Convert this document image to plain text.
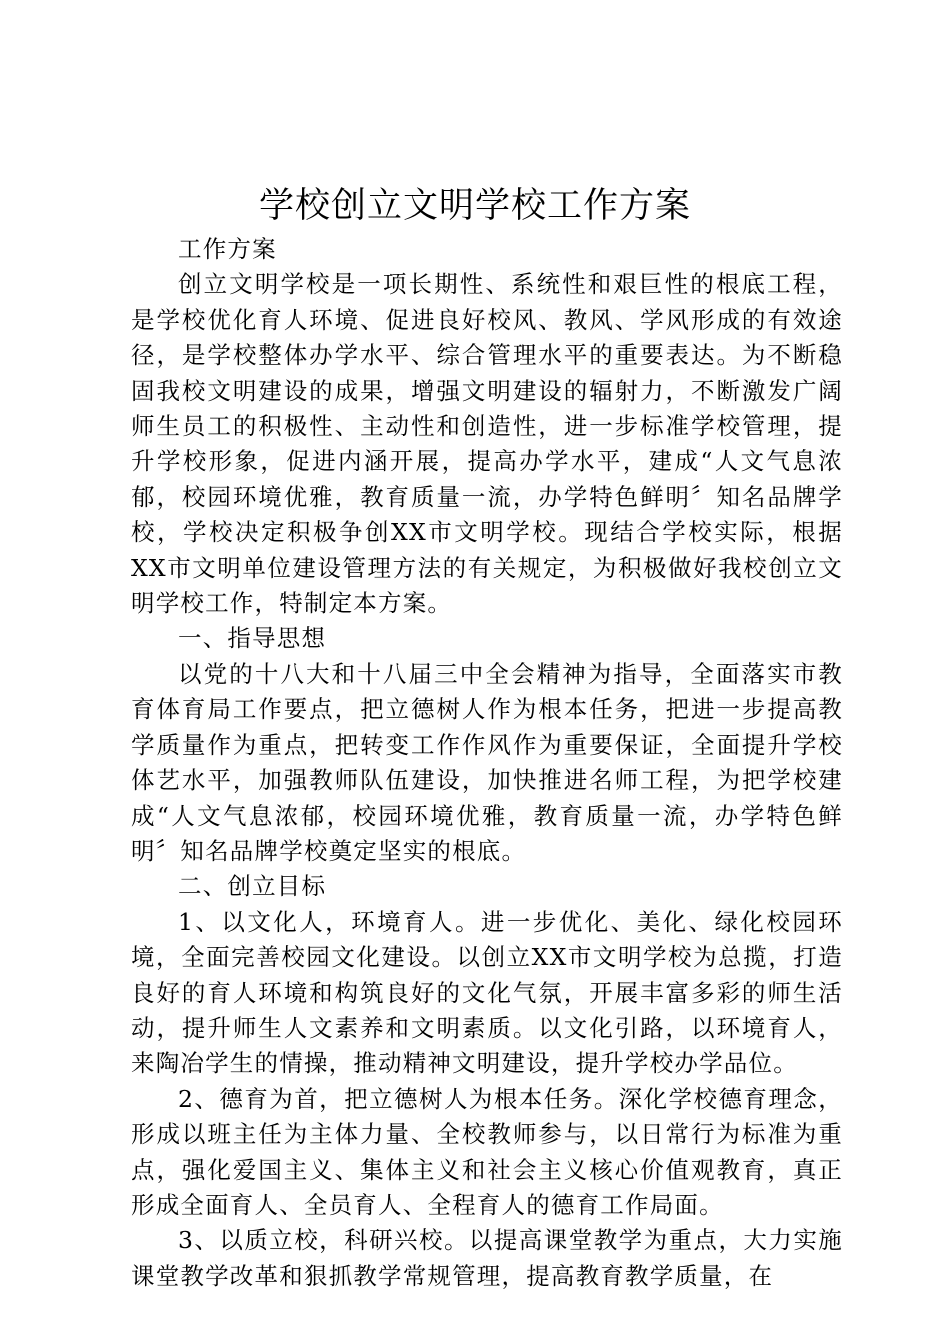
学校创立文明学校工作方案

工作方案

创立文明学校是一项长期性、系统性和艰巨性的根底工程，是学校优化育人环境、促进良好校风、教风、学风形成的有效途径，是学校整体办学水平、综合管理水平的重要表达。为不断稳固我校文明建设的成果，增强文明建设的辐射力，不断激发广阔师生员工的积极性、主动性和创造性，进一步标准学校管理，提升学校形象，促进内涵开展，提高办学水平，建成“人文气息浓郁，校园环境优雅，教育质量一流，办学特色鲜明〞知名品牌学校，学校决定积极争创XX市文明学校。现结合学校实际，根据XX市文明单位建设管理方法的有关规定，为积极做好我校创立文明学校工作，特制定本方案。

一、指导思想

以党的十八大和十八届三中全会精神为指导，全面落实市教育体育局工作要点，把立德树人作为根本任务，把进一步提高教学质量作为重点，把转变工作作风作为重要保证，全面提升学校体艺水平，加强教师队伍建设，加快推进名师工程，为把学校建成“人文气息浓郁，校园环境优雅，教育质量一流，办学特色鲜明〞知名品牌学校奠定坚实的根底。

二、创立目标

1、以文化人，环境育人。进一步优化、美化、绿化校园环境，全面完善校园文化建设。以创立XX市文明学校为总揽，打造良好的育人环境和构筑良好的文化气氛，开展丰富多彩的师生活动，提升师生人文素养和文明素质。以文化引路，以环境育人，来陶冶学生的情操，推动精神文明建设，提升学校办学品位。

2、德育为首，把立德树人为根本任务。深化学校德育理念，形成以班主任为主体力量、全校教师参与，以日常行为标准为重点，强化爱国主义、集体主义和社会主义核心价值观教育，真正形成全面育人、全员育人、全程育人的德育工作局面。

3、以质立校，科研兴校。以提高课堂教学为重点，大力实施课堂教学改革和狠抓教学常规管理，提高教育教学质量，在
